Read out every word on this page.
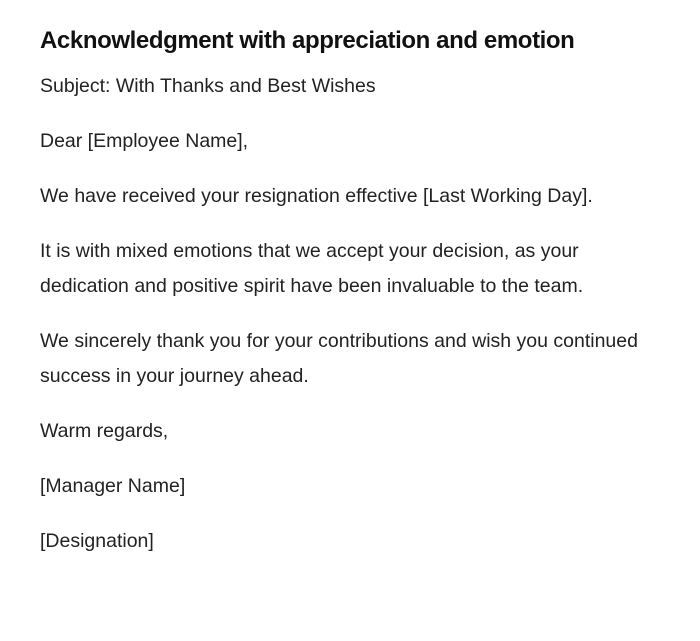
Acknowledgment with appreciation and emotion

Subject: With Thanks and Best Wishes

Dear [Employee Name],

We have received your resignation effective [Last Working Day].

It is with mixed emotions that we accept your decision, as your dedication and positive spirit have been invaluable to the team.

We sincerely thank you for your contributions and wish you continued success in your journey ahead.

Warm regards,

[Manager Name]

[Designation]
